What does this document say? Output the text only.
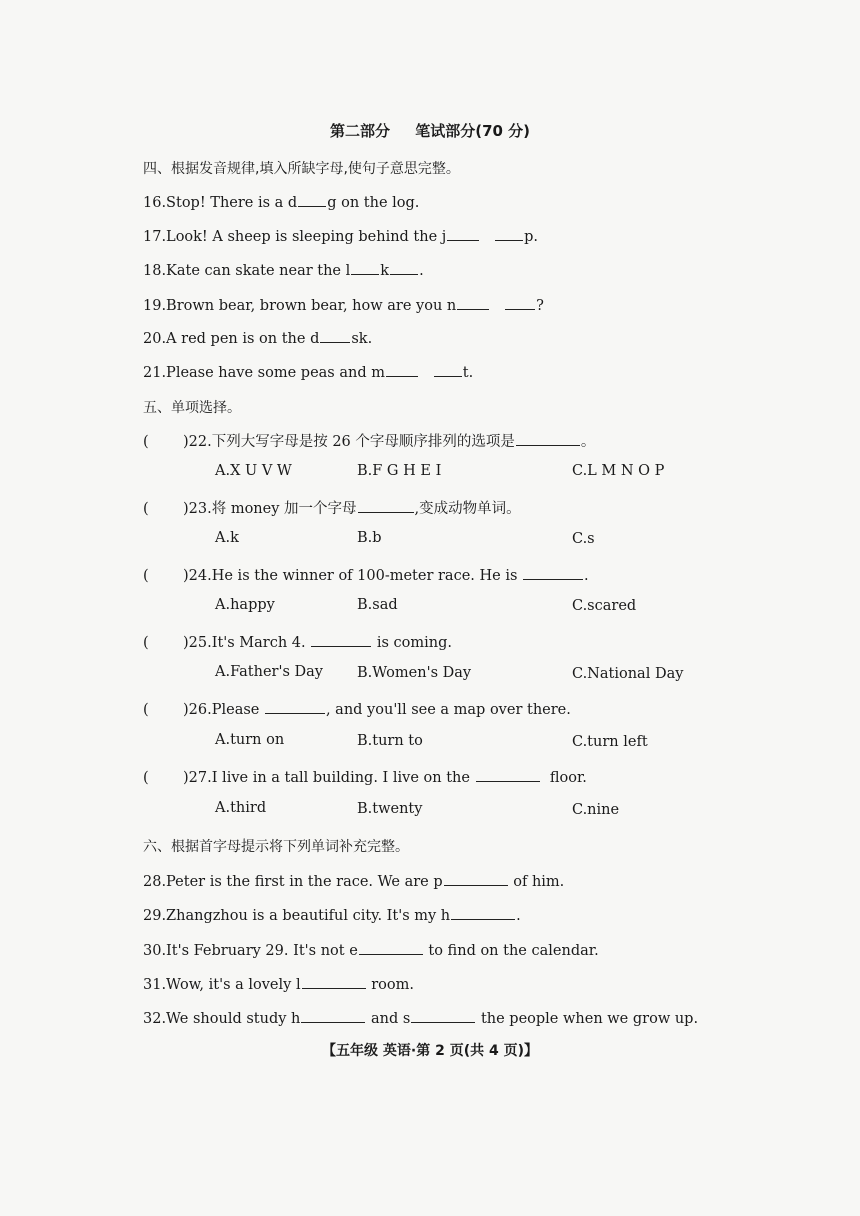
第二部分 笔试部分(70 分)
四、根据发音规律,填入所缺字母,使句子意思完整。
16.Stop! There is a d g on the log.
17.Look! A sheep is sleeping behind the j	p.
18.Kate can skate near the l k .
19.Brown bear, brown bear, how are you n	?
20.A red pen is on the d sk.
21.Please have some peas and m	t.
五、单项选择。
( )22.下列大写字母是按 26 个字母顺序排列的选项是	。
A.X U V W	B.F G H E I	C.L M N O P
( )23.将 money 加一个字母	,变成动物单词。
A.k	B.b	C.s
( )24.He is the winner of 100-meter race. He is	.
A.happy	B.sad	C.scared
( )25.It's March 4.	is coming.
A.Father's Day B.Women's Day	C.National Day
( )26.Please	, and you'll see a map over there.
A.turn on	B.turn to	C.turn left
( )27.I live in a tall building. I live on the	floor.
A.third	B.twenty	C.nine
六、根据首字母提示将下列单词补充完整。
28.Peter is the first in the race. We are p	of him.
29.Zhangzhou is a beautiful city. It's my h	.
30.It's February 29. It's not e	to find on the calendar.
31.Wow, it's a lovely l	room.
32.We should study h	and s	the people when we grow up.
【五年级 英语·第 2 页(共 4 页)】
